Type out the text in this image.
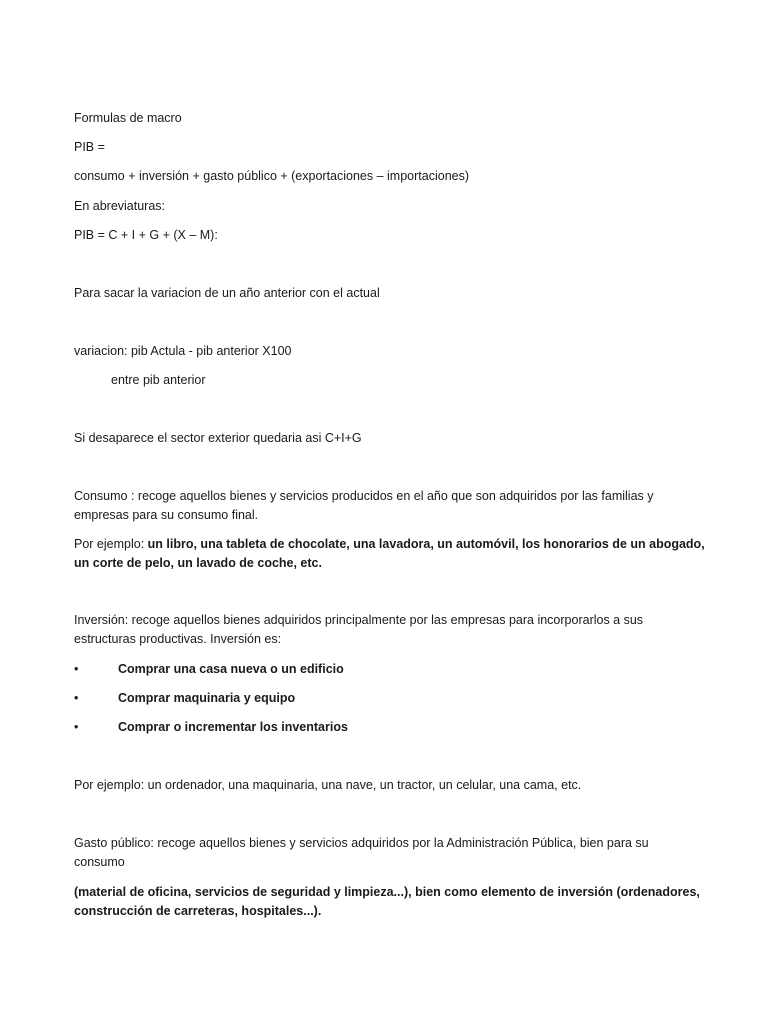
Formulas de macro
PIB =
consumo + inversión + gasto público + (exportaciones – importaciones)
En abreviaturas:
PIB = C + I + G + (X – M):
Para sacar la variacion de un año anterior con el actual
variacion: pib Actula - pib anterior X100
entre pib anterior
Si desaparece el sector exterior quedaria asi C+I+G
Consumo : recoge aquellos bienes y servicios producidos en el año que son adquiridos por las familias y
empresas para su consumo final.
Por ejemplo: un libro, una tableta de chocolate, una lavadora, un automóvil, los honorarios de un abogado,
un corte de pelo, un lavado de coche, etc.
Inversión: recoge aquellos bienes adquiridos principalmente por las empresas para incorporarlos a sus
estructuras productivas. Inversión es:
•	Comprar una casa nueva o un edificio
•	Comprar maquinaria y equipo
•	Comprar o incrementar los inventarios
Por ejemplo: un ordenador, una maquinaria, una nave, un tractor, un celular, una cama, etc.
Gasto público: recoge aquellos bienes y servicios adquiridos por la Administración Pública, bien para su
consumo
(material de oficina, servicios de seguridad y limpieza...), bien como elemento de inversión (ordenadores,
construcción de carreteras, hospitales...).
